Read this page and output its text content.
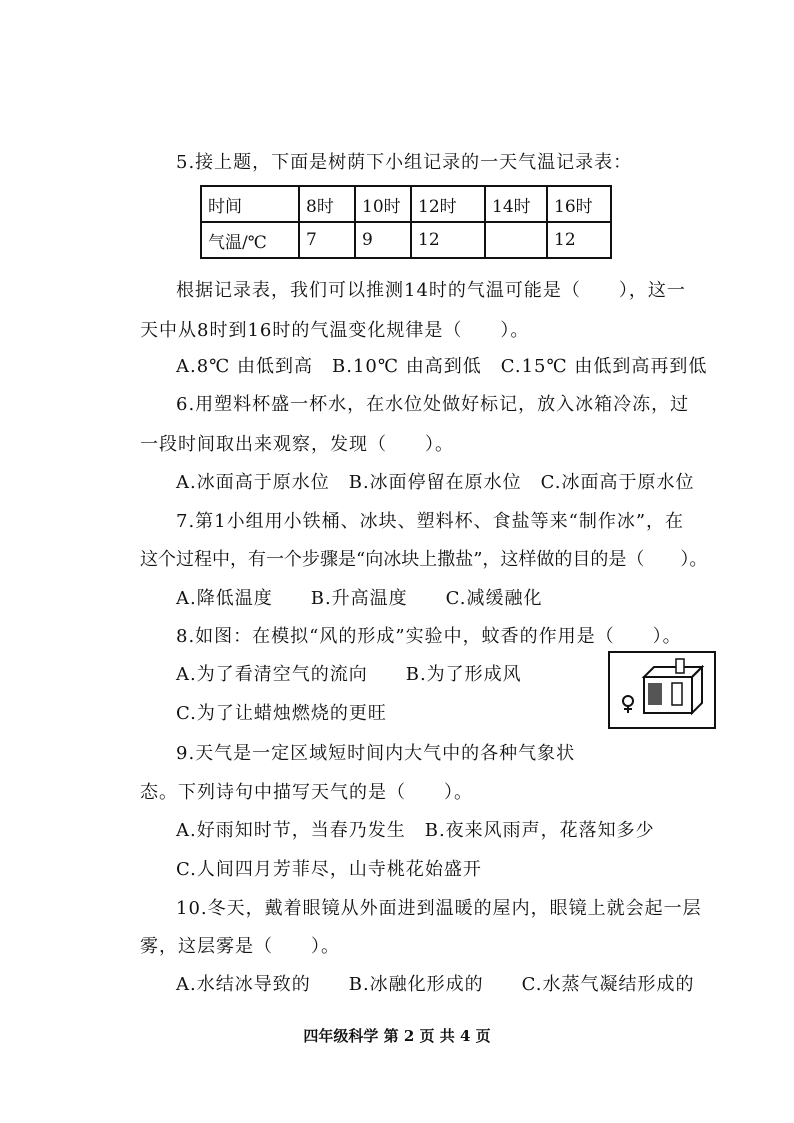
5.接上题，下面是树荫下小组记录的一天气温记录表：
时间	8时	10时	12时	14时	16时
气温/℃	7	9	12		12
根据记录表，我们可以推测14时的气温可能是（　　），这一
天中从8时到16时的气温变化规律是（　　）。
A.8℃ 由低到高　B.10℃ 由高到低　C.15℃ 由低到高再到低
6.用塑料杯盛一杯水，在水位处做好标记，放入冰箱冷冻，过
一段时间取出来观察，发现（　　）。
A.冰面高于原水位　B.冰面停留在原水位　C.冰面高于原水位
7.第1小组用小铁桶、冰块、塑料杯、食盐等来“制作冰”，在
这个过程中，有一个步骤是“向冰块上撒盐”，这样做的目的是（　　）。
A.降低温度　　B.升高温度　　C.减缓融化
8.如图：在模拟“风的形成”实验中，蚊香的作用是（　　）。
A.为了看清空气的流向　　B.为了形成风
C.为了让蜡烛燃烧的更旺
9.天气是一定区域短时间内大气中的各种气象状
态。下列诗句中描写天气的是（　　）。
A.好雨知时节，当春乃发生　B.夜来风雨声，花落知多少
C.人间四月芳菲尽，山寺桃花始盛开
10.冬天，戴着眼镜从外面进到温暖的屋内，眼镜上就会起一层
雾，这层雾是（　　）。
A.水结冰导致的　　B.冰融化形成的　　C.水蒸气凝结形成的
四年级科学 第 2 页 共 4 页
